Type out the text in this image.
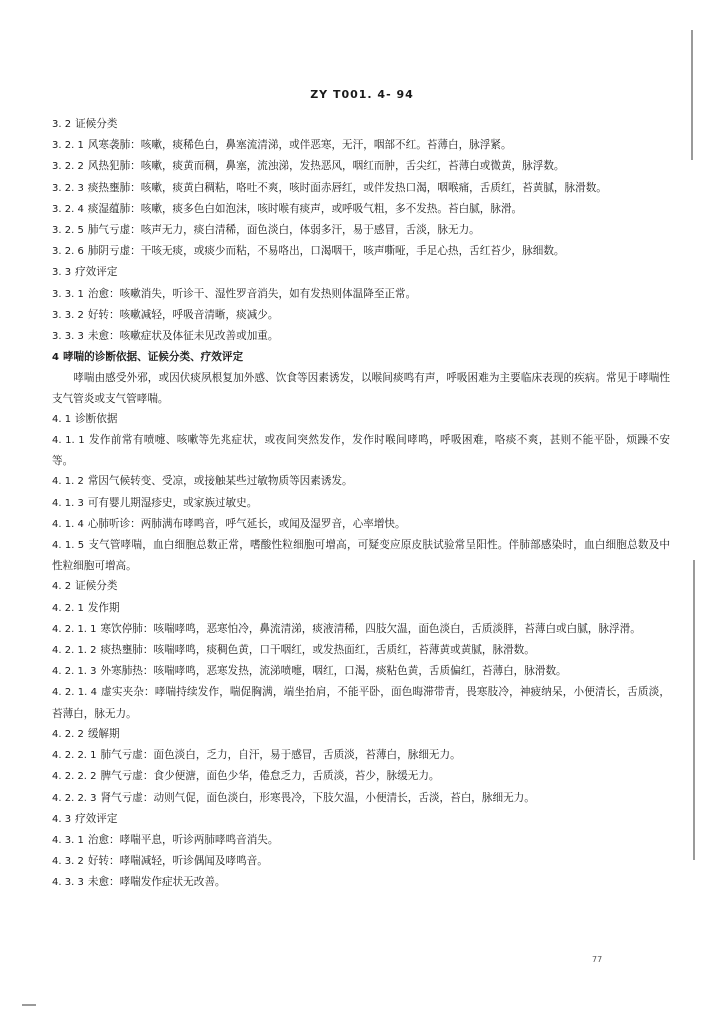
ZY T001. 4- 94

3. 2 证候分类

3. 2. 1 风寒袭肺：咳嗽，痰稀色白，鼻塞流清涕，或伴恶寒，无汗，咽部不红。苔薄白，脉浮紧。

3. 2. 2 风热犯肺：咳嗽，痰黄而稠，鼻塞，流浊涕，发热恶风，咽红而肿，舌尖红，苔薄白或微黄，脉浮数。

3. 2. 3 痰热壅肺：咳嗽，痰黄白稠粘，咯吐不爽，咳时面赤唇红，或伴发热口渴，咽喉痛，舌质红，苔黄腻，脉滑数。

3. 2. 4 痰湿蕴肺：咳嗽，痰多色白如泡沫，咳时喉有痰声，或呼吸气粗，多不发热。苔白腻，脉滑。

3. 2. 5 肺气亏虚：咳声无力，痰白清稀，面色淡白，体弱多汗，易于感冒，舌淡，脉无力。

3. 2. 6 肺阴亏虚：干咳无痰，或痰少而粘，不易咯出，口渴咽干，咳声嘶哑，手足心热，舌红苔少，脉细数。

3. 3 疗效评定

3. 3. 1 治愈：咳嗽消失，听诊干、湿性罗音消失，如有发热则体温降至正常。

3. 3. 2 好转：咳嗽减轻，呼吸音清晰，痰减少。

3. 3. 3 未愈：咳嗽症状及体征未见改善或加重。

4 哮喘的诊断依据、证候分类、疗效评定

哮喘由感受外邪，或因伏痰夙根复加外感、饮食等因素诱发，以喉间痰鸣有声，呼吸困难为主要临床表现的疾病。常见于哮喘性支气管炎或支气管哮喘。

4. 1 诊断依据

4. 1. 1 发作前常有喷嚏、咳嗽等先兆症状，或夜间突然发作，发作时喉间哮鸣，呼吸困难，咯痰不爽，甚则不能平卧，烦躁不安等。

4. 1. 2 常因气候转变、受凉，或接触某些过敏物质等因素诱发。

4. 1. 3 可有婴儿期湿疹史，或家族过敏史。

4. 1. 4 心肺听诊：两肺满布哮鸣音，呼气延长，或闻及湿罗音，心率增快。

4. 1. 5 支气管哮喘，血白细胞总数正常，嗜酸性粒细胞可增高，可疑变应原皮肤试验常呈阳性。伴肺部感染时，血白细胞总数及中性粒细胞可增高。

4. 2 证候分类

4. 2. 1 发作期

4. 2. 1. 1 寒饮停肺：咳喘哮鸣，恶寒怕冷，鼻流清涕，痰液清稀，四肢欠温，面色淡白，舌质淡胖，苔薄白或白腻，脉浮滑。

4. 2. 1. 2 痰热壅肺：咳喘哮鸣，痰稠色黄，口干咽红，或发热面红，舌质红，苔薄黄或黄腻，脉滑数。

4. 2. 1. 3 外寒肺热：咳喘哮鸣，恶寒发热，流涕喷嚏，咽红，口渴，痰粘色黄，舌质偏红，苔薄白，脉滑数。

4. 2. 1. 4 虚实夹杂：哮喘持续发作，喘促胸满，端坐抬肩，不能平卧，面色晦滞带青，畏寒肢冷，神疲纳呆，小便清长，舌质淡，苔薄白，脉无力。

4. 2. 2 缓解期

4. 2. 2. 1 肺气亏虚：面色淡白，乏力，自汗，易于感冒，舌质淡，苔薄白，脉细无力。

4. 2. 2. 2 脾气亏虚：食少便溏，面色少华，倦怠乏力，舌质淡，苔少，脉缓无力。

4. 2. 2. 3 肾气亏虚：动则气促，面色淡白，形寒畏冷，下肢欠温，小便清长，舌淡，苔白，脉细无力。

4. 3 疗效评定

4. 3. 1 治愈：哮喘平息，听诊两肺哮鸣音消失。

4. 3. 2 好转：哮喘减轻，听诊偶闻及哮鸣音。

4. 3. 3 未愈：哮喘发作症状无改善。

77
